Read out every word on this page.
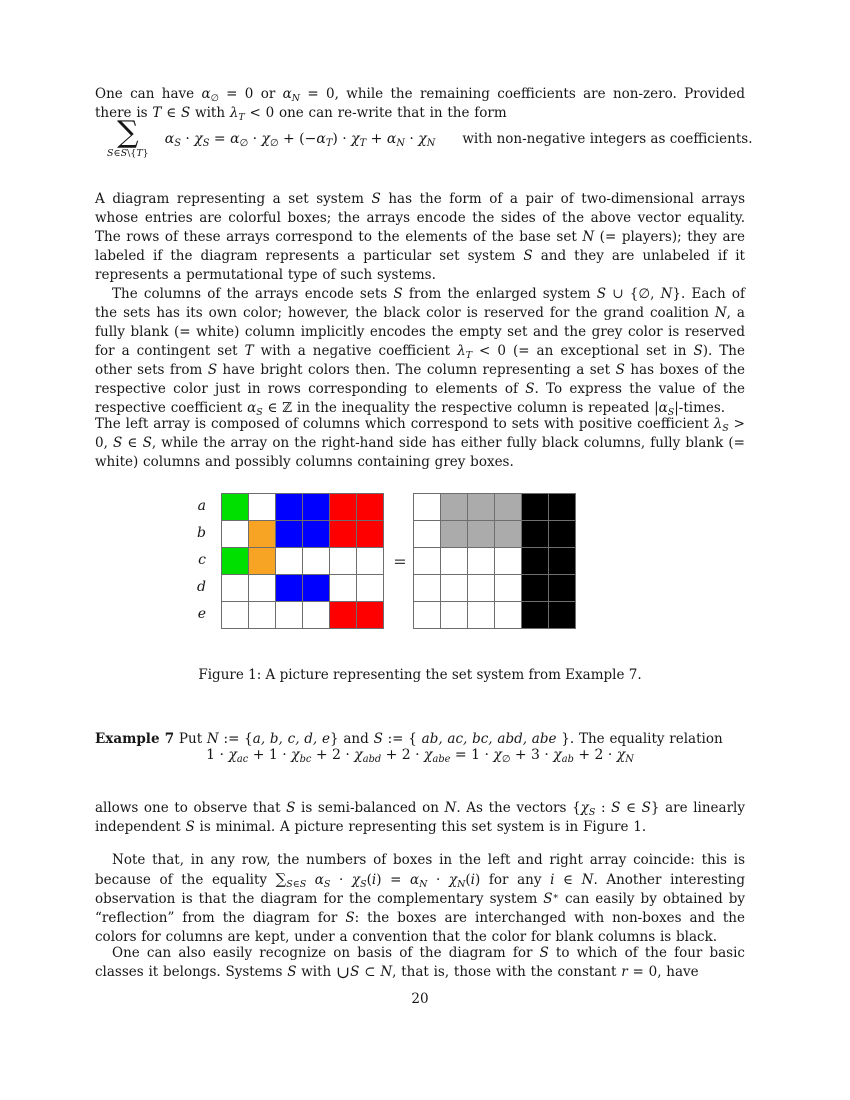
One can have $\alpha_\emptyset = 0$ or $\alpha_N = 0$, while the remaining coefficients are non-zero. Provided there is T ∈ S with $\lambda_T < 0$ one can re-write that in the form

∑
S∈S\{T}
$\alpha_S \cdot \chi_S = \alpha_\emptyset \cdot \chi_\emptyset + (-\alpha_T) \cdot \chi_T + \alpha_N \cdot \chi_N$ with non-negative integers as coefficients.

A diagram representing a set system S has the form of a pair of two-dimensional arrays whose entries are colorful boxes; the arrays encode the sides of the above vector equality. The rows of these arrays correspond to the elements of the base set N (= players); they are labeled if the diagram represents a particular set system S and they are unlabeled if it represents a permutational type of such systems.

The columns of the arrays encode sets S from the enlarged system S ∪ {∅, N}. Each of the sets has its own color; however, the black color is reserved for the grand coalition N, a fully blank (= white) column implicitly encodes the empty set and the grey color is reserved for a contingent set T with a negative coefficient $\lambda_T < 0$ (= an exceptional set in S). The other sets from S have bright colors then. The column representing a set S has boxes of the respective color just in rows corresponding to elements of S. To express the value of the respective coefficient $\alpha_S$ ∈ ℤ in the inequality the respective column is repeated $|\alpha_S|$-times.

The left array is composed of columns which correspond to sets with positive coefficient $\lambda_S > 0$, S ∈ S, while the array on the right-hand side has either fully black columns, fully blank (= white) columns and possibly columns containing grey boxes.

a
b
c
d
e

=

Figure 1: A picture representing the set system from Example 7.

Example 7 Put N := {a, b, c, d, e} and S := { ab, ac, bc, abd, abe }. The equality relation

$1 \cdot \chi_{ac} + 1 \cdot \chi_{bc} + 2 \cdot \chi_{abd} + 2 \cdot \chi_{abe} = 1 \cdot \chi_\emptyset + 3 \cdot \chi_{ab} + 2 \cdot \chi_N$

allows one to observe that S is semi-balanced on N. As the vectors {$\chi_S$ : S ∈ S} are linearly independent S is minimal. A picture representing this set system is in Figure 1.

Note that, in any row, the numbers of boxes in the left and right array coincide: this is because of the equality $\sum_{S\in S}$ $\alpha_S \cdot \chi_S(i) = \alpha_N \cdot \chi_N(i)$ for any i ∈ N. Another interesting observation is that the diagram for the complementary system S∗ can easily by obtained by “reflection” from the diagram for S: the boxes are interchanged with non-boxes and the colors for columns are kept, under a convention that the color for blank columns is black.

One can also easily recognize on basis of the diagram for S to which of the four basic classes it belongs. Systems S with ∪S ⊂ N, that is, those with the constant r = 0, have

20
